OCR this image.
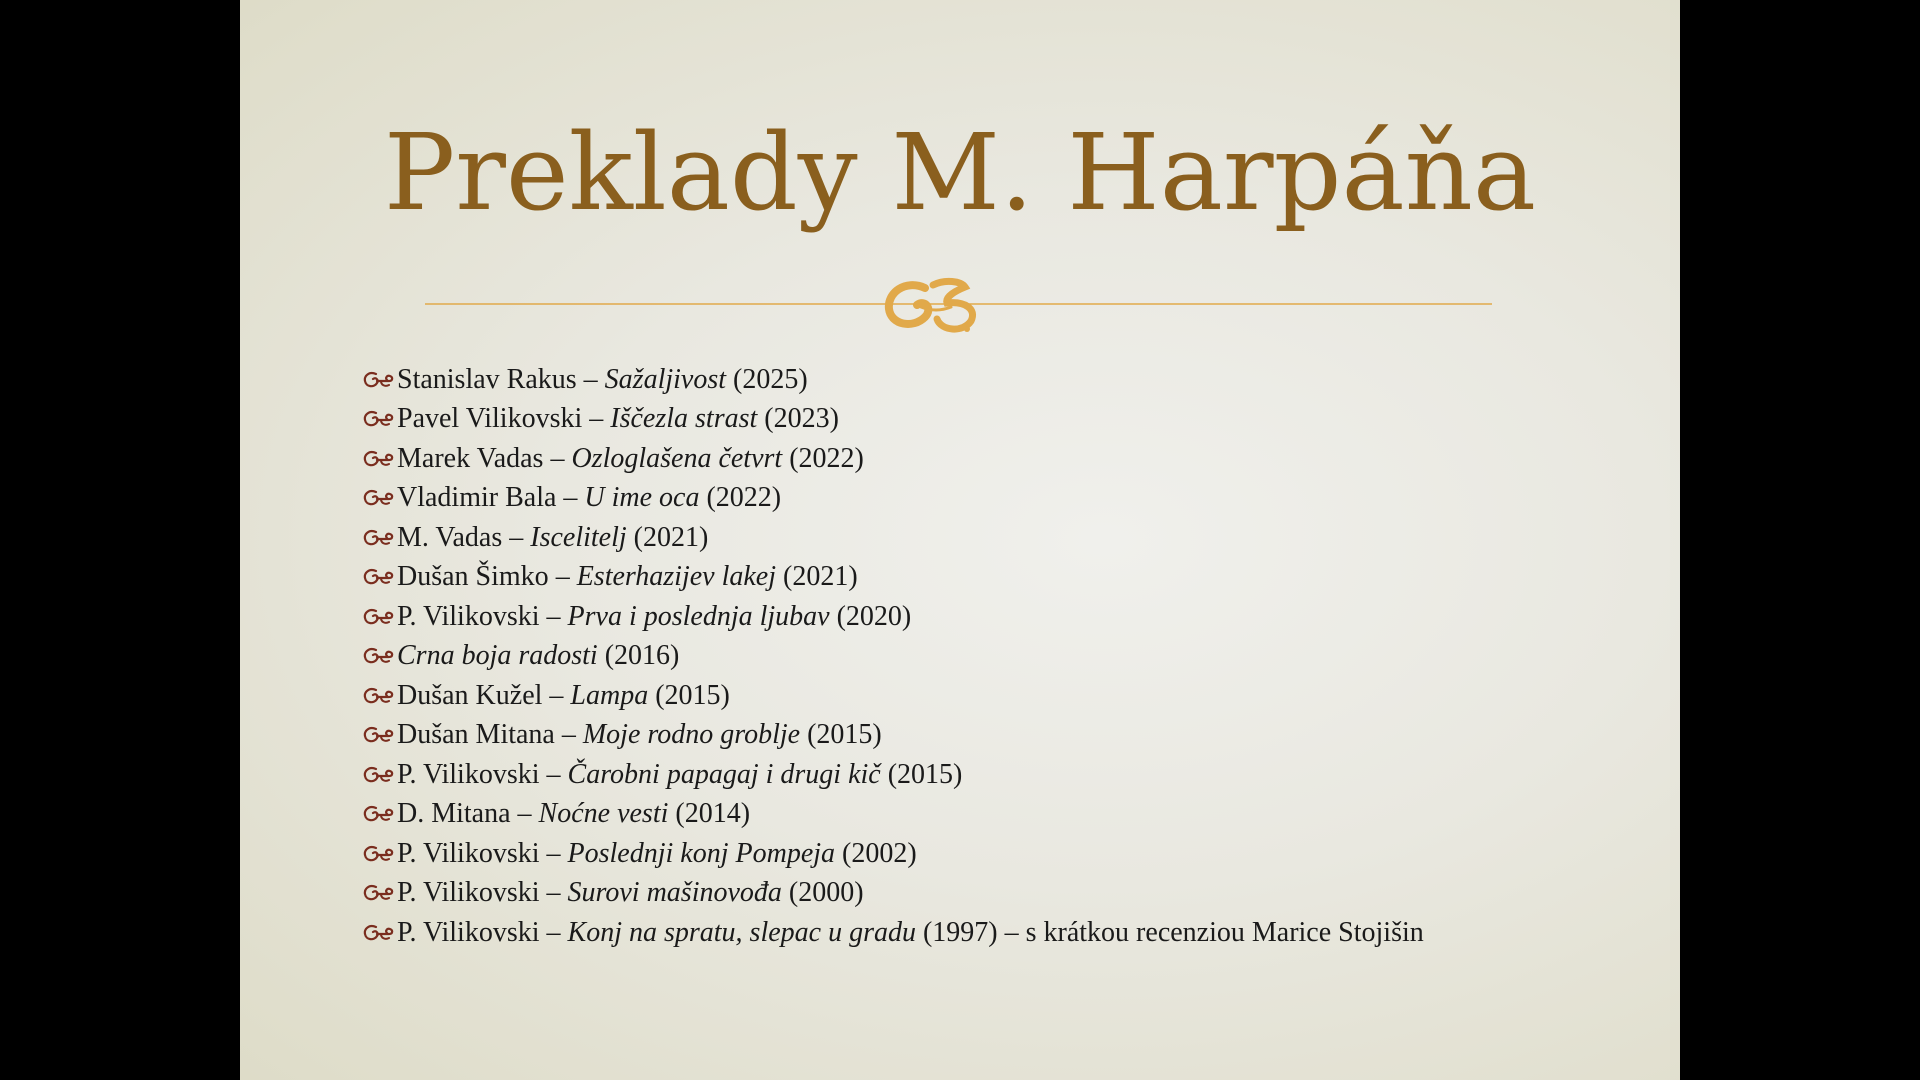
Preklady M. Harpáňa
Stanislav Rakus – Sažaljivost (2025)
Pavel Vilikovski – Iščezla strast (2023)
Marek Vadas – Ozloglašena četvrt (2022)
Vladimir Bala – U ime oca (2022)
M. Vadas – Iscelitelj (2021)
Dušan Šimko – Esterhazijev lakej (2021)
P. Vilikovski – Prva i poslednja ljubav (2020)
Crna boja radosti (2016)
Dušan Kužel – Lampa (2015)
Dušan Mitana – Moje rodno groblje (2015)
P. Vilikovski – Čarobni papagaj i drugi kič (2015)
D. Mitana – Noćne vesti (2014)
P. Vilikovski – Poslednji konj Pompeja (2002)
P. Vilikovski – Surovi mašinovođa (2000)
P. Vilikovski – Konj na spratu, slepac u gradu (1997) – s krátkou recenziou Marice Stojišin
